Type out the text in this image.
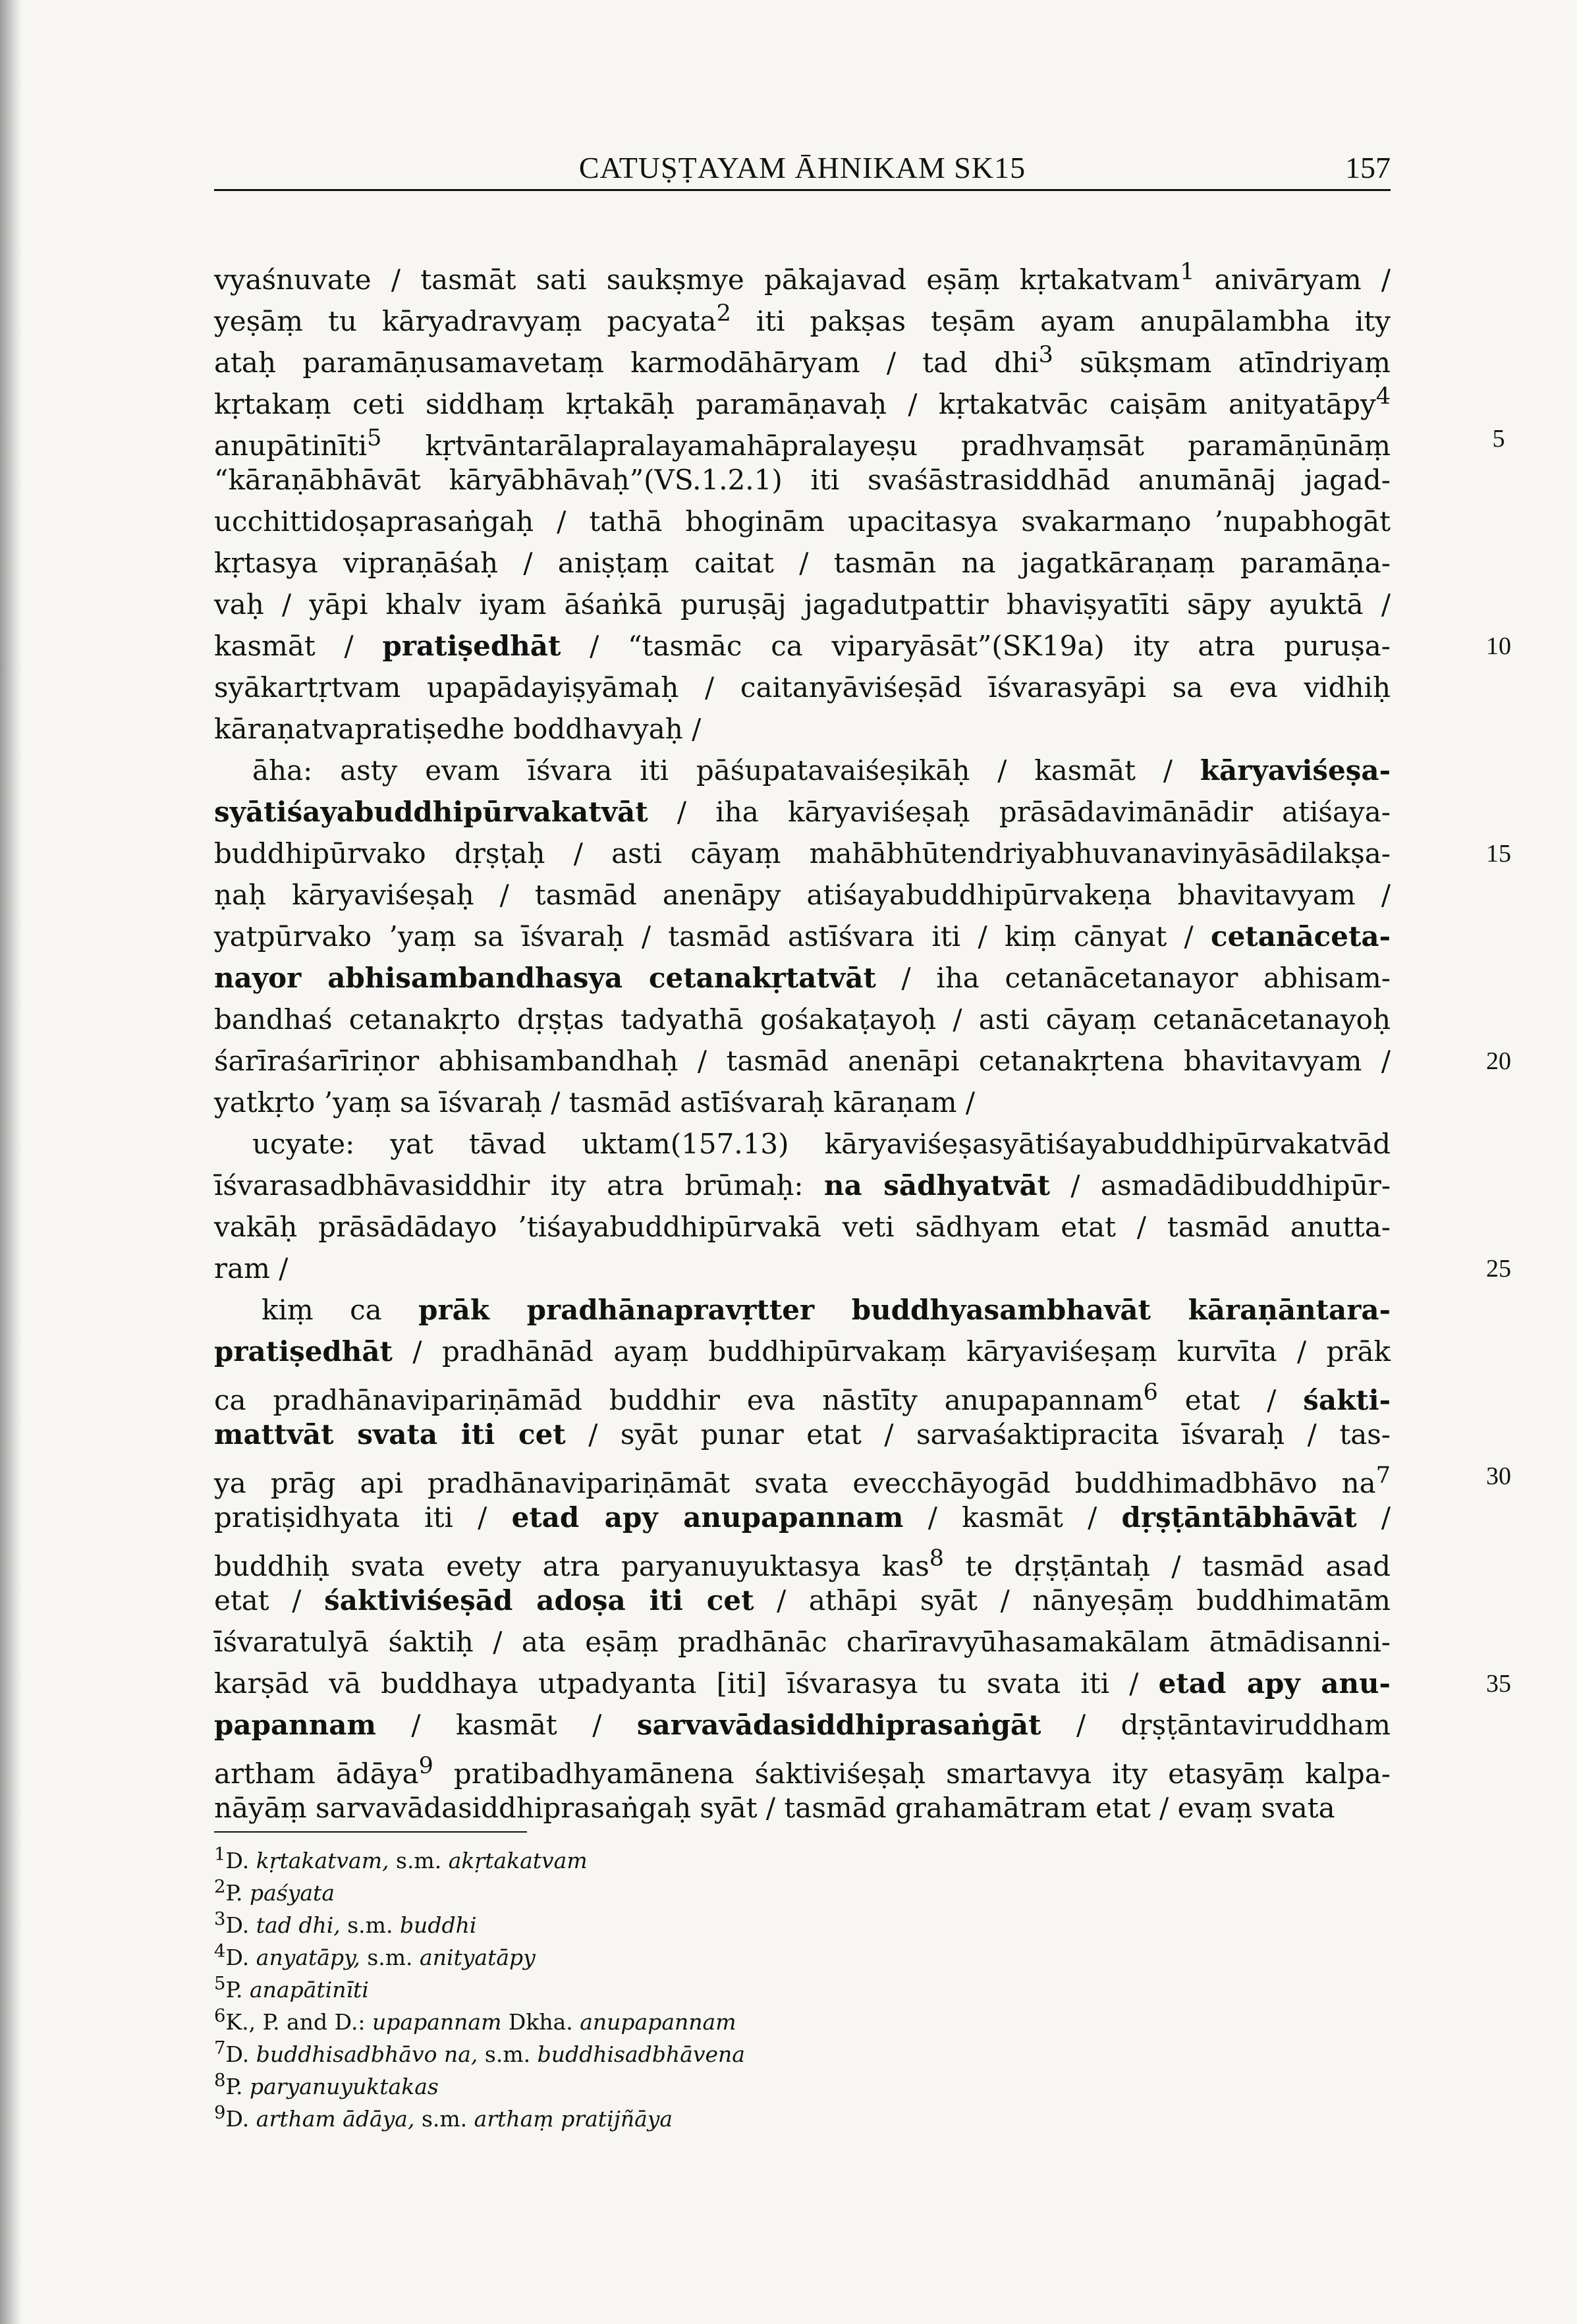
CATUṢṬAYAM ĀHNIKAM SK15	157
vyaśnuvate / tasmāt sati saukṣmye pākajavad eṣāṃ kṛtakatvam$^1$ anivāryam /
yeṣāṃ tu kāryadravyaṃ pacyata$^2$ iti pakṣas teṣām ayam anupālambha ity
ataḥ paramāṇusamavetaṃ karmodāhāryam / tad dhi$^3$ sūkṣmam atīndriyaṃ
kṛtakaṃ ceti siddhaṃ kṛtakāḥ paramāṇavaḥ / kṛtakatvāc caiṣām anityatāpy$^4$
anupātinīti$^5$ kṛtvāntarālapralayamahāpralayeṣu pradhvaṃsāt paramāṇūnāṃ
“kāraṇābhāvāt kāryābhāvaḥ”(VS.1.2.1) iti svaśāstrasiddhād anumānāj jagad-
ucchittidoṣaprasaṅgaḥ / tathā bhoginām upacitasya svakarmaṇo ’nupabhogāt
kṛtasya vipraṇāśaḥ / aniṣṭaṃ caitat / tasmān na jagatkāraṇaṃ paramāṇa-
vaḥ / yāpi khalv iyam āśaṅkā puruṣāj jagadutpattir bhaviṣyatīti sāpy ayuktā /
kasmāt / pratiṣedhāt / “tasmāc ca viparyāsāt”(SK19a) ity atra puruṣa-
syākartṛtvam upapādayiṣyāmaḥ / caitanyāviśeṣād īśvarasyāpi sa eva vidhiḥ
kāraṇatvapratiṣedhe boddhavyaḥ /
āha: asty evam īśvara iti pāśupatavaiśeṣikāḥ / kasmāt / kāryaviśeṣa-
syātiśayabuddhipūrvakatvāt / iha kāryaviśeṣaḥ prāsādavimānādir atiśaya-
buddhipūrvako dṛṣṭaḥ / asti cāyaṃ mahābhūtendriyabhuvanavinyāsādilakṣa-
ṇaḥ kāryaviśeṣaḥ / tasmād anenāpy atiśayabuddhipūrvakeṇa bhavitavyam /
yatpūrvako ’yaṃ sa īśvaraḥ / tasmād astīśvara iti / kiṃ cānyat / cetanāceta-
nayor abhisambandhasya cetanakṛtatvāt / iha cetanācetanayor abhisam-
bandhaś cetanakṛto dṛṣṭas tadyathā gośakaṭayoḥ / asti cāyaṃ cetanācetanayoḥ
śarīraśarīriṇor abhisambandhaḥ / tasmād anenāpi cetanakṛtena bhavitavyam /
yatkṛto ’yaṃ sa īśvaraḥ / tasmād astīśvaraḥ kāraṇam /
ucyate: yat tāvad uktam(157.13) kāryaviśeṣasyātiśayabuddhipūrvakatvād
īśvarasadbhāvasiddhir ity atra brūmaḥ: na sādhyatvāt / asmadādibuddhipūr-
vakāḥ prāsādādayo ’tiśayabuddhipūrvakā veti sādhyam etat / tasmād anutta-
ram /
kiṃ ca prāk pradhānapravṛtter buddhyasambhavāt kāraṇāntara-
pratiṣedhāt / pradhānād ayaṃ buddhipūrvakaṃ kāryaviśeṣaṃ kurvīta / prāk
ca pradhānavipariṇāmād buddhir eva nāstīty anupapannam$^6$ etat / śakti-
mattvāt svata iti cet / syāt punar etat / sarvaśaktipracita īśvaraḥ / tas-
ya prāg api pradhānavipariṇāmāt svata evecchāyogād buddhimadbhāvo $na^7$
pratiṣidhyata iti / etad apy anupapannam / kasmāt / dṛṣṭāntābhāvāt /
buddhiḥ svata evety atra paryanuyuktasya kas$^8$ te dṛṣṭāntaḥ / tasmād asad
etat / śaktiviśeṣād adoṣa iti cet / athāpi syāt / nānyeṣāṃ buddhimatām
īśvaratulyā śaktiḥ / ata eṣāṃ pradhānāc charīravyūhasamakālam ātmādisanni-
karṣād vā buddhaya utpadyanta [iti] īśvarasya tu svata iti / etad apy anu-
papannam / kasmāt / sarvavādasiddhiprasaṅgāt / dṛṣṭāntaviruddham
artham ādāya$^9$ pratibadhyamānena śaktiviśeṣaḥ smartavya ity etasyāṃ kalpa-
nāyāṃ sarvavādasiddhiprasaṅgaḥ syāt / tasmād grahamātram etat / evaṃ svata
5
10
15
20
25
30
35
$^1$D. kṛtakatvam, s.m. akṛtakatvam
$^2$P. paśyata
$^3$D. tad dhi, s.m. buddhi
$^4$D. anyatāpy, s.m. anityatāpy
$^5$P. anapātinīti
$^6$K., P. and D.: upapannam Dkha. anupapannam
$^7$D. buddhisadbhāvo na, s.m. buddhisadbhāvena
$^8$P. paryanuyuktakas
$^9$D. artham ādāya, s.m. arthaṃ pratijñāya
